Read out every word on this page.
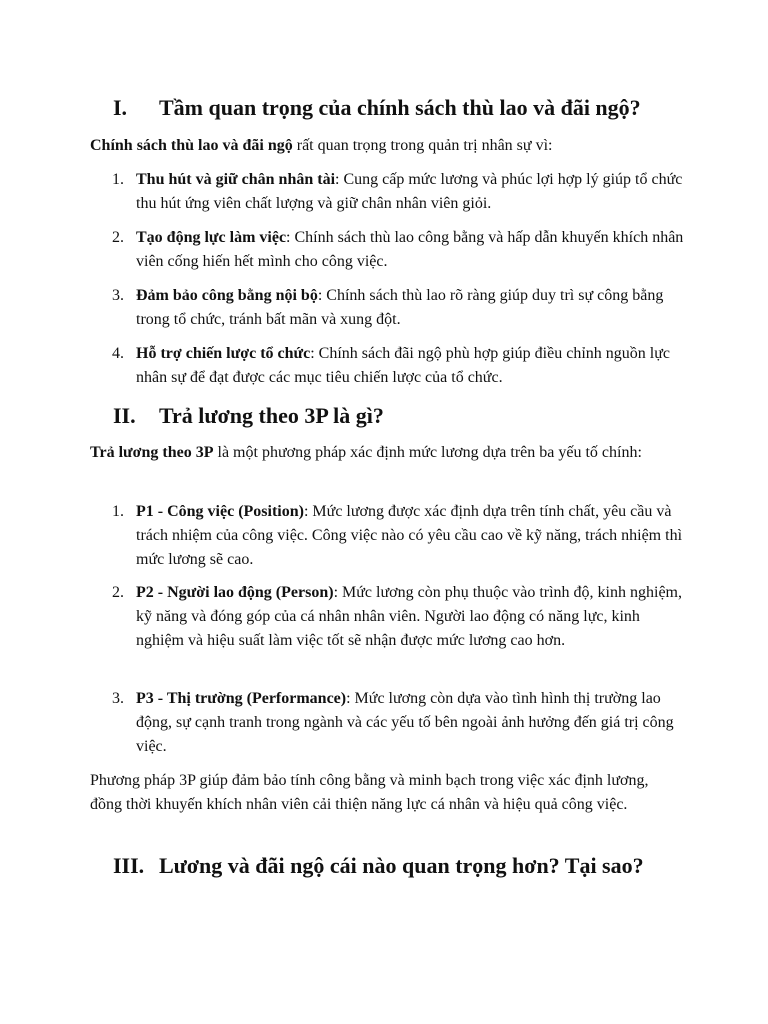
I. Tầm quan trọng của chính sách thù lao và đãi ngộ?
Chính sách thù lao và đãi ngộ rất quan trọng trong quản trị nhân sự vì:
1. Thu hút và giữ chân nhân tài: Cung cấp mức lương và phúc lợi hợp lý giúp tổ chức thu hút ứng viên chất lượng và giữ chân nhân viên giỏi.
2. Tạo động lực làm việc: Chính sách thù lao công bằng và hấp dẫn khuyến khích nhân viên cống hiến hết mình cho công việc.
3. Đảm bảo công bằng nội bộ: Chính sách thù lao rõ ràng giúp duy trì sự công bằng trong tổ chức, tránh bất mãn và xung đột.
4. Hỗ trợ chiến lược tổ chức: Chính sách đãi ngộ phù hợp giúp điều chỉnh nguồn lực nhân sự để đạt được các mục tiêu chiến lược của tổ chức.
II. Trả lương theo 3P là gì?
Trả lương theo 3P là một phương pháp xác định mức lương dựa trên ba yếu tố chính:
1. P1 - Công việc (Position): Mức lương được xác định dựa trên tính chất, yêu cầu và trách nhiệm của công việc. Công việc nào có yêu cầu cao về kỹ năng, trách nhiệm thì mức lương sẽ cao.
2. P2 - Người lao động (Person): Mức lương còn phụ thuộc vào trình độ, kinh nghiệm, kỹ năng và đóng góp của cá nhân nhân viên. Người lao động có năng lực, kinh nghiệm và hiệu suất làm việc tốt sẽ nhận được mức lương cao hơn.
3. P3 - Thị trường (Performance): Mức lương còn dựa vào tình hình thị trường lao động, sự cạnh tranh trong ngành và các yếu tố bên ngoài ảnh hưởng đến giá trị công việc.
Phương pháp 3P giúp đảm bảo tính công bằng và minh bạch trong việc xác định lương, đồng thời khuyến khích nhân viên cải thiện năng lực cá nhân và hiệu quả công việc.
III. Lương và đãi ngộ cái nào quan trọng hơn? Tại sao?
